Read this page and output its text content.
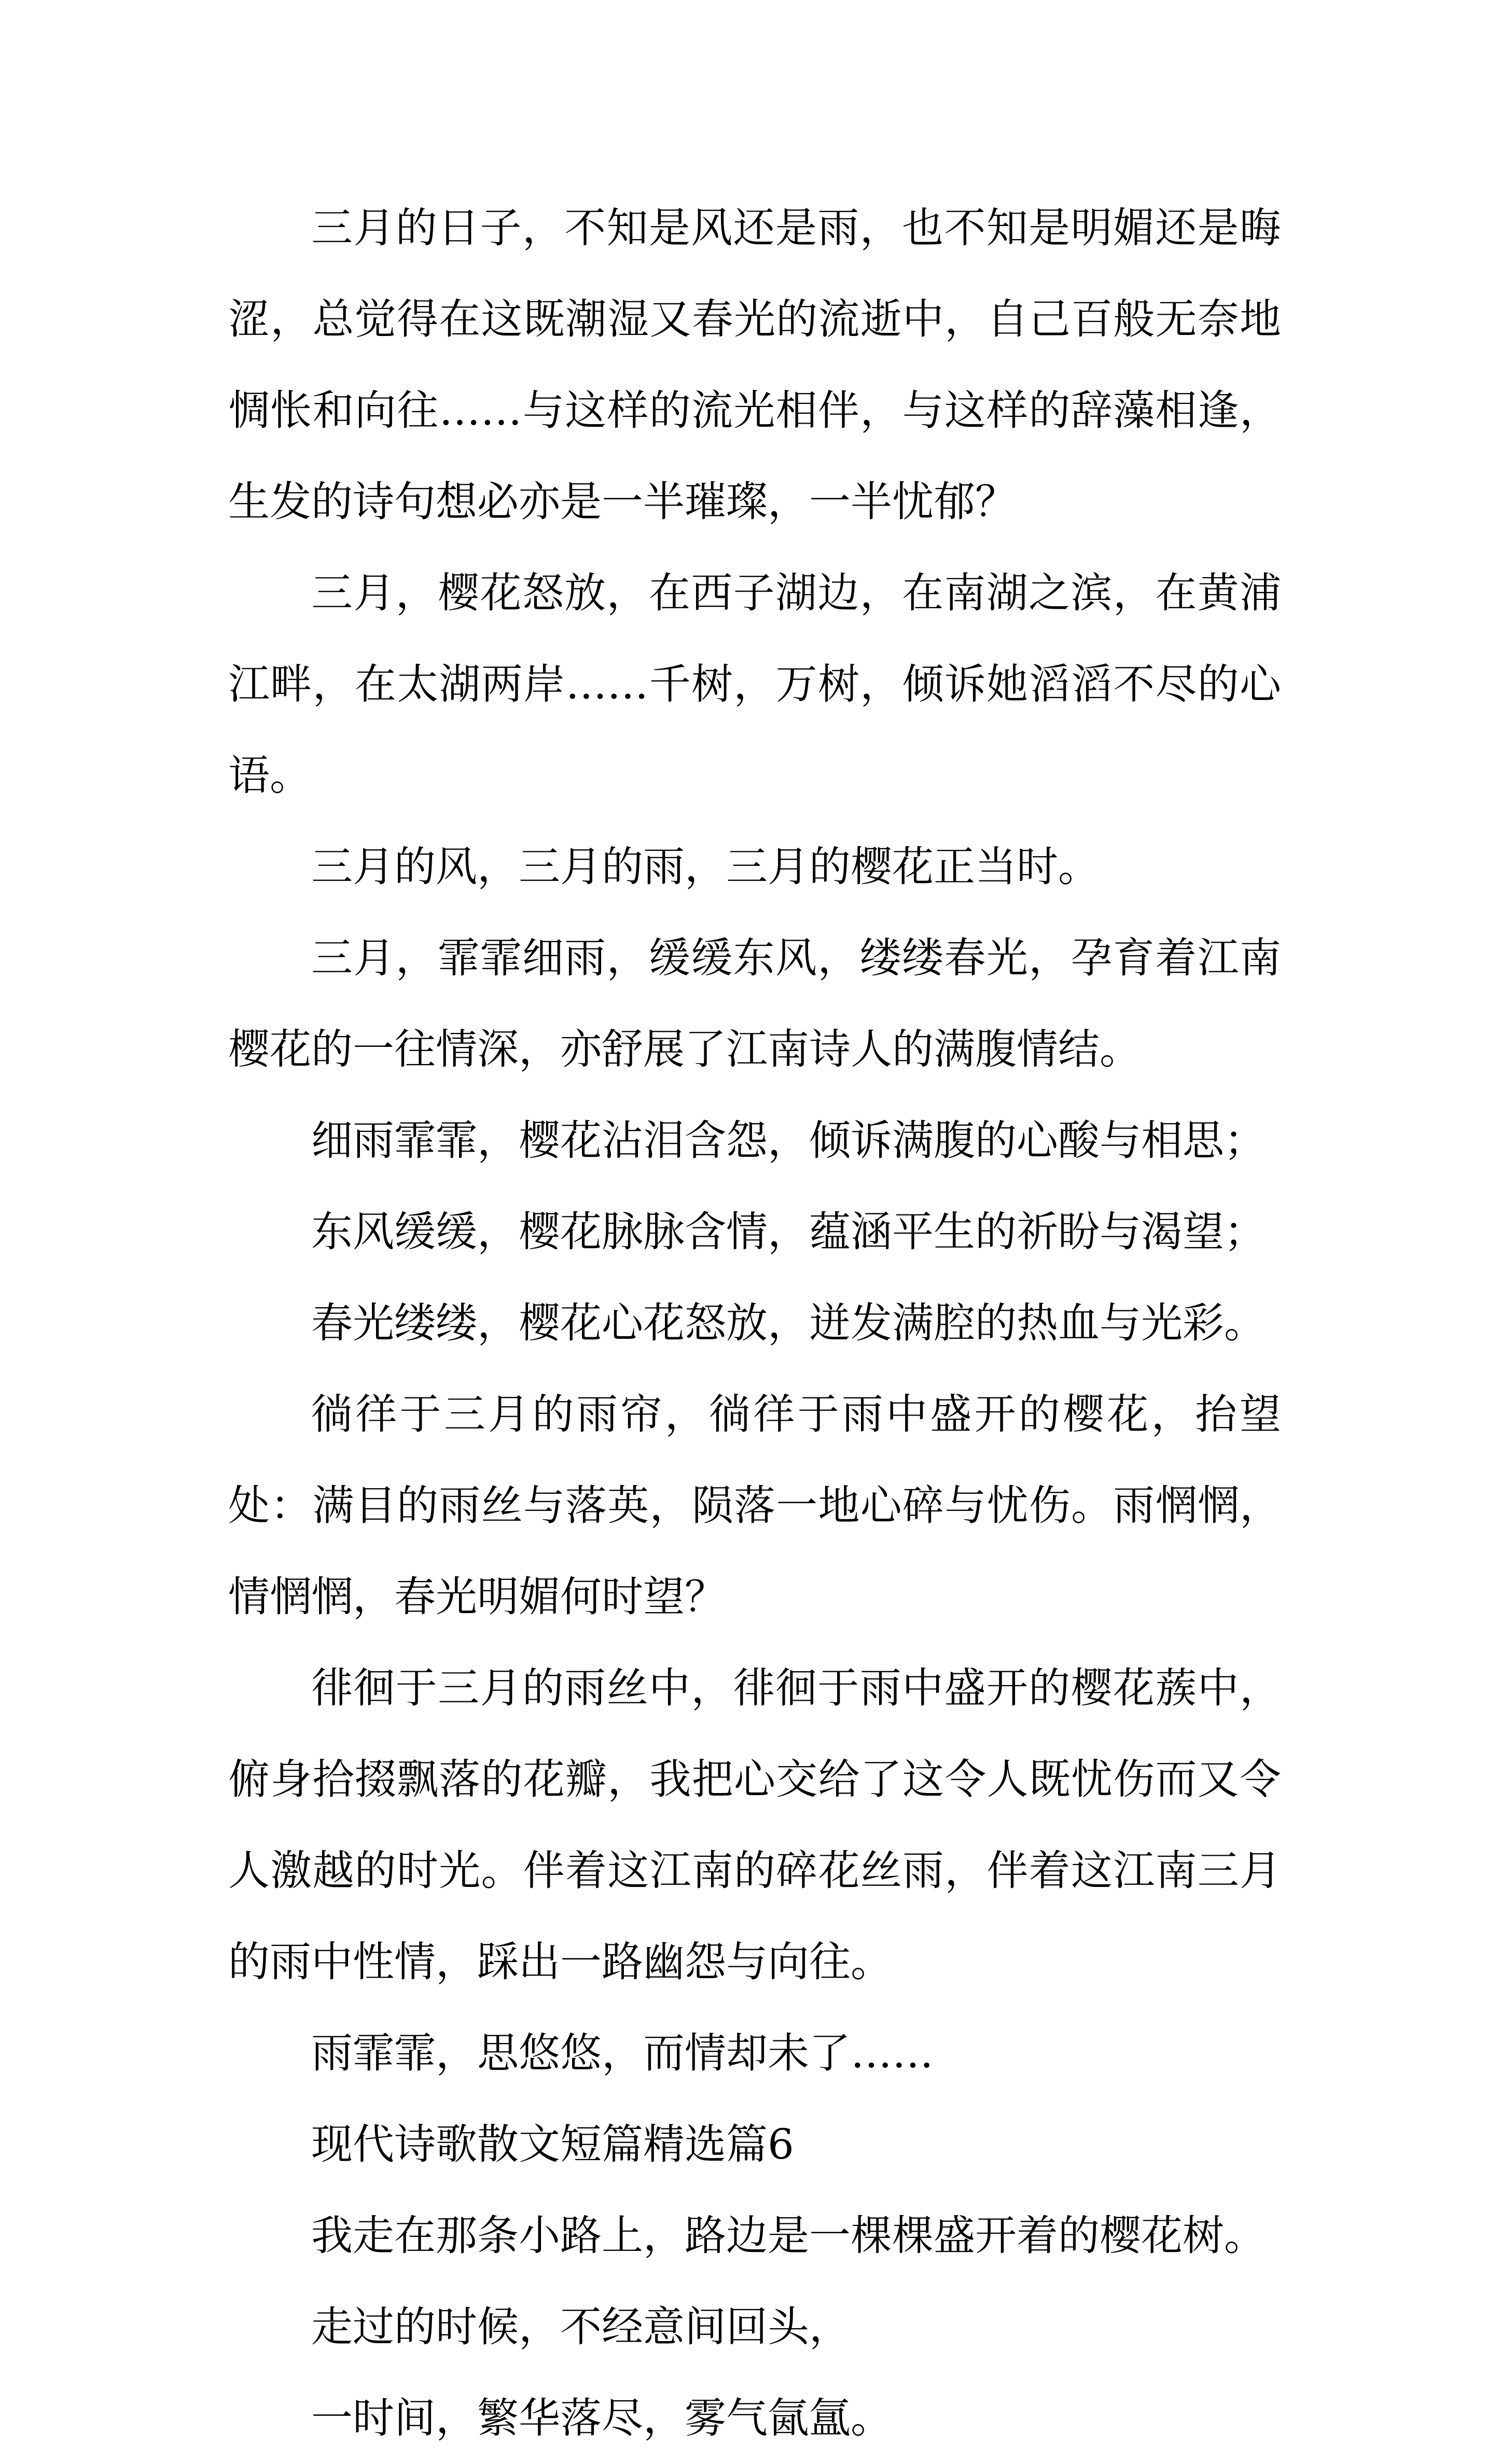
三月的日子，不知是风还是雨，也不知是明媚还是晦涩，总觉得在这既潮湿又春光的流逝中，自己百般无奈地惆怅和向往……与这样的流光相伴，与这样的辞藻相逢，生发的诗句想必亦是一半璀璨，一半忧郁？

三月，樱花怒放，在西子湖边，在南湖之滨，在黄浦江畔，在太湖两岸……千树，万树，倾诉她滔滔不尽的心语。

三月的风，三月的雨，三月的樱花正当时。

三月，霏霏细雨，缓缓东风，缕缕春光，孕育着江南樱花的一往情深，亦舒展了江南诗人的满腹情结。

细雨霏霏，樱花沾泪含怨，倾诉满腹的心酸与相思；

东风缓缓，樱花脉脉含情，蕴涵平生的祈盼与渴望；

春光缕缕，樱花心花怒放，迸发满腔的热血与光彩。

徜徉于三月的雨帘，徜徉于雨中盛开的樱花，抬望处：满目的雨丝与落英，陨落一地心碎与忧伤。雨惘惘，情惘惘，春光明媚何时望？

徘徊于三月的雨丝中，徘徊于雨中盛开的樱花蔟中，俯身拾掇飘落的花瓣，我把心交给了这令人既忧伤而又令人激越的时光。伴着这江南的碎花丝雨，伴着这江南三月的雨中性情，踩出一路幽怨与向往。

雨霏霏，思悠悠，而情却未了……

现代诗歌散文短篇精选篇6

我走在那条小路上，路边是一棵棵盛开着的樱花树。

走过的时候，不经意间回头，

一时间，繁华落尽，雾气氤氲。
